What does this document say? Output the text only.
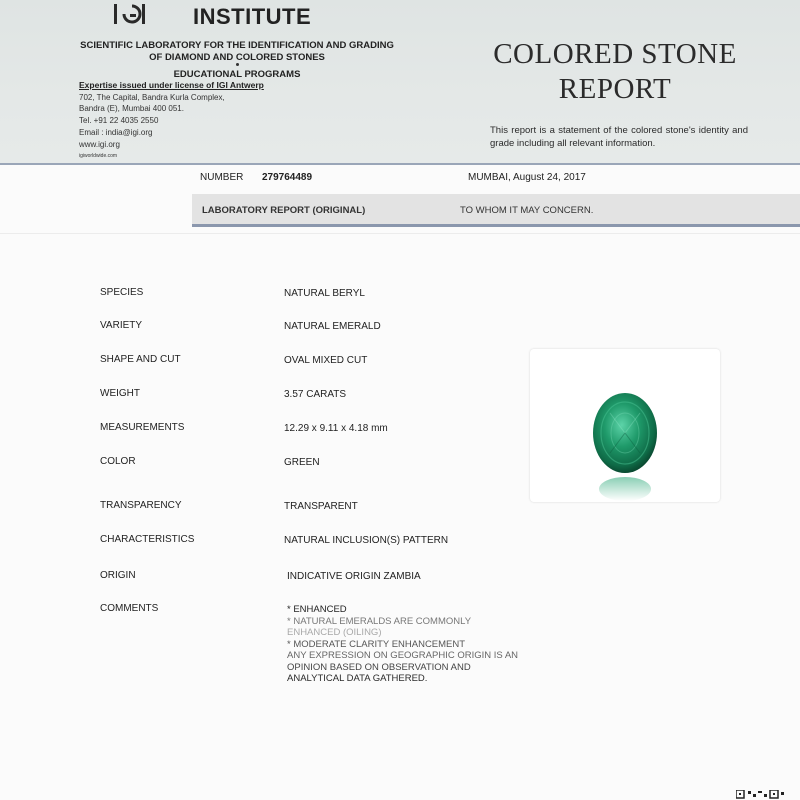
INSTITUTE
SCIENTIFIC LABORATORY FOR THE IDENTIFICATION AND GRADING
OF DIAMOND AND COLORED STONES
EDUCATIONAL PROGRAMS
Expertise issued under license of IGI Antwerp
702, The Capital, Bandra Kurla Complex,
Bandra (E), Mumbai 400 051.
Tel. +91 22 4035 2550
Email : india@igi.org
www.igi.org
igiworldwide.com
COLORED STONE
REPORT
This report is a statement of the colored stone's identity and grade including all relevant information.
NUMBER 279764489	MUMBAI, August 24, 2017
LABORATORY REPORT (ORIGINAL)	TO WHOM IT MAY CONCERN.
SPECIES	NATURAL BERYL
VARIETY	NATURAL EMERALD
SHAPE AND CUT	OVAL MIXED CUT
WEIGHT	3.57 CARATS
MEASUREMENTS	12.29 x 9.11 x 4.18 mm
COLOR	GREEN
TRANSPARENCY	TRANSPARENT
CHARACTERISTICS	NATURAL INCLUSION(S) PATTERN
ORIGIN	INDICATIVE ORIGIN ZAMBIA
COMMENTS	* ENHANCED
* NATURAL EMERALDS ARE COMMONLY
ENHANCED (OILING)
* MODERATE CLARITY ENHANCEMENT
ANY EXPRESSION ON GEOGRAPHIC ORIGIN IS AN
OPINION BASED ON OBSERVATION AND
ANALYTICAL DATA GATHERED.
